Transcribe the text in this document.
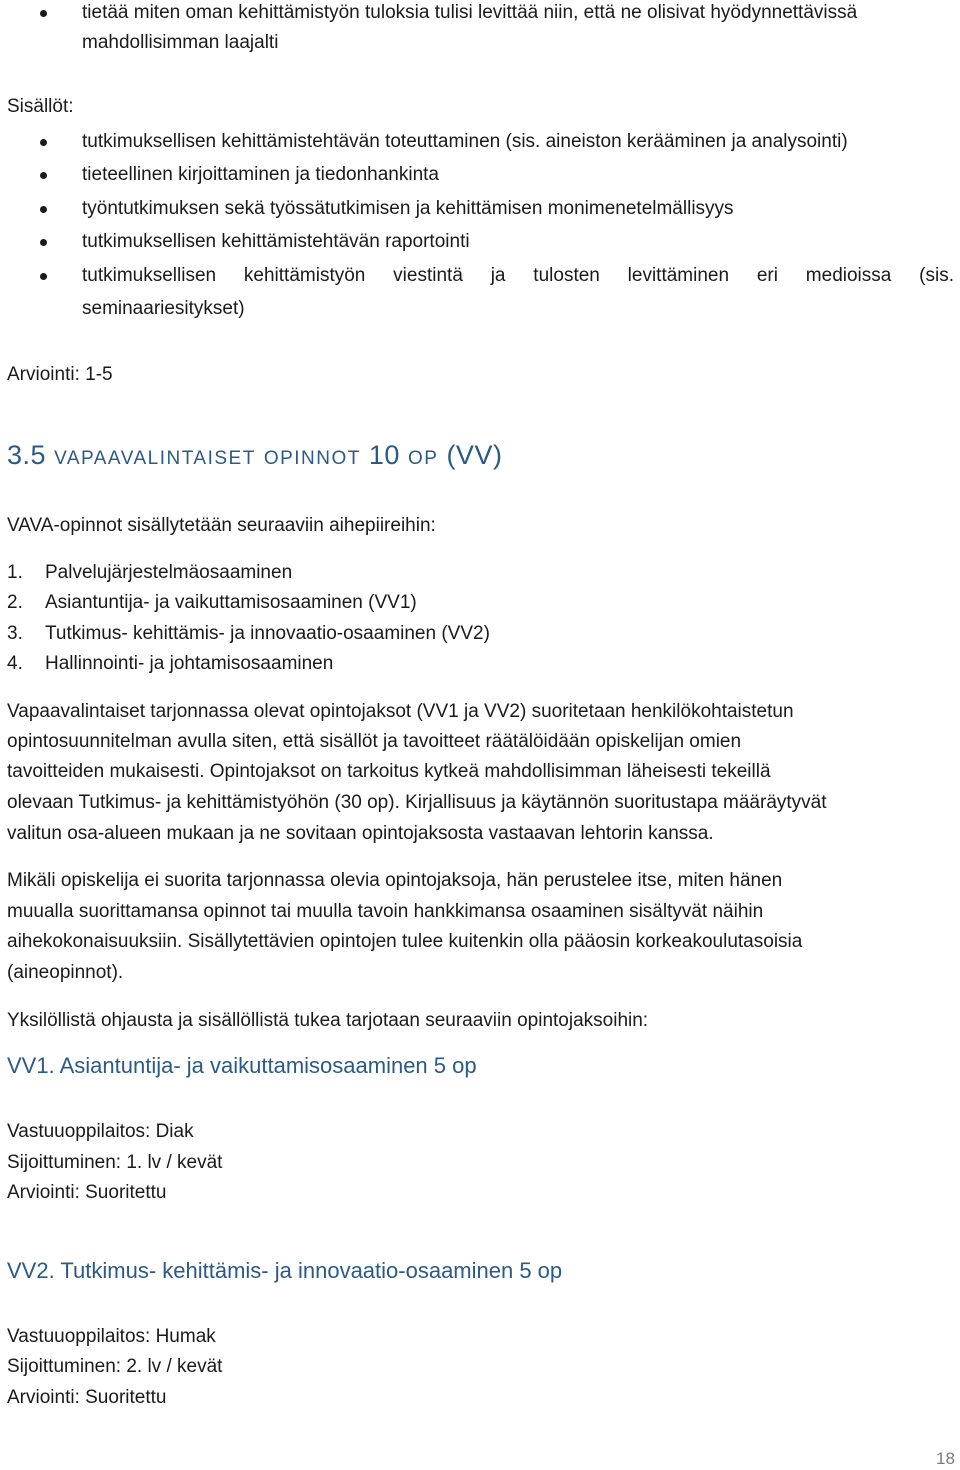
tietää miten oman kehittämistyön tuloksia tulisi levittää niin, että ne olisivat hyödynnettävissä
mahdollisimman laajalti
Sisällöt:
tutkimuksellisen kehittämistehtävän toteuttaminen (sis. aineiston kerääminen ja analysointi)
tieteellinen kirjoittaminen ja tiedonhankinta
työntutkimuksen sekä työssätutkimisen ja kehittämisen monimenetelmällisyys
tutkimuksellisen kehittämistehtävän raportointi
tutkimuksellisen kehittämistyön viestintä ja tulosten levittäminen eri medioissa (sis.
seminaariesitykset)
Arviointi: 1-5
3.5 VAPAAVALINTAISET OPINNOT 10 OP (VV)
VAVA-opinnot sisällytetään seuraaviin aihepiireihin:
1. Palvelujärjestelmäosaaminen
2. Asiantuntija- ja vaikuttamisosaaminen (VV1)
3. Tutkimus- kehittämis- ja innovaatio-osaaminen (VV2)
4. Hallinnointi- ja johtamisosaaminen
Vapaavalintaiset tarjonnassa olevat opintojaksot (VV1 ja VV2) suoritetaan henkilökohtaistetun
opintosuunnitelman avulla siten, että sisällöt ja tavoitteet räätälöidään opiskelijan omien
tavoitteiden mukaisesti. Opintojaksot on tarkoitus kytkeä mahdollisimman läheisesti tekeillä
olevaan Tutkimus- ja kehittämistyöhön (30 op). Kirjallisuus ja käytännön suoritustapa määräytyvät
valitun osa-alueen mukaan ja ne sovitaan opintojaksosta vastaavan lehtorin kanssa.
Mikäli opiskelija ei suorita tarjonnassa olevia opintojaksoja, hän perustelee itse, miten hänen
muualla suorittamansa opinnot tai muulla tavoin hankkimansa osaaminen sisältyvät näihin
aihekokonaisuuksiin. Sisällytettävien opintojen tulee kuitenkin olla pääosin korkeakoulutasoisia
(aineopinnot).
Yksilöllistä ohjausta ja sisällöllistä tukea tarjotaan seuraaviin opintojaksoihin:
VV1. Asiantuntija- ja vaikuttamisosaaminen 5 op
Vastuuoppilaitos: Diak
Sijoittuminen: 1. lv / kevät
Arviointi: Suoritettu
VV2. Tutkimus- kehittämis- ja innovaatio-osaaminen 5 op
Vastuuoppilaitos: Humak
Sijoittuminen: 2. lv / kevät
Arviointi: Suoritettu
18
